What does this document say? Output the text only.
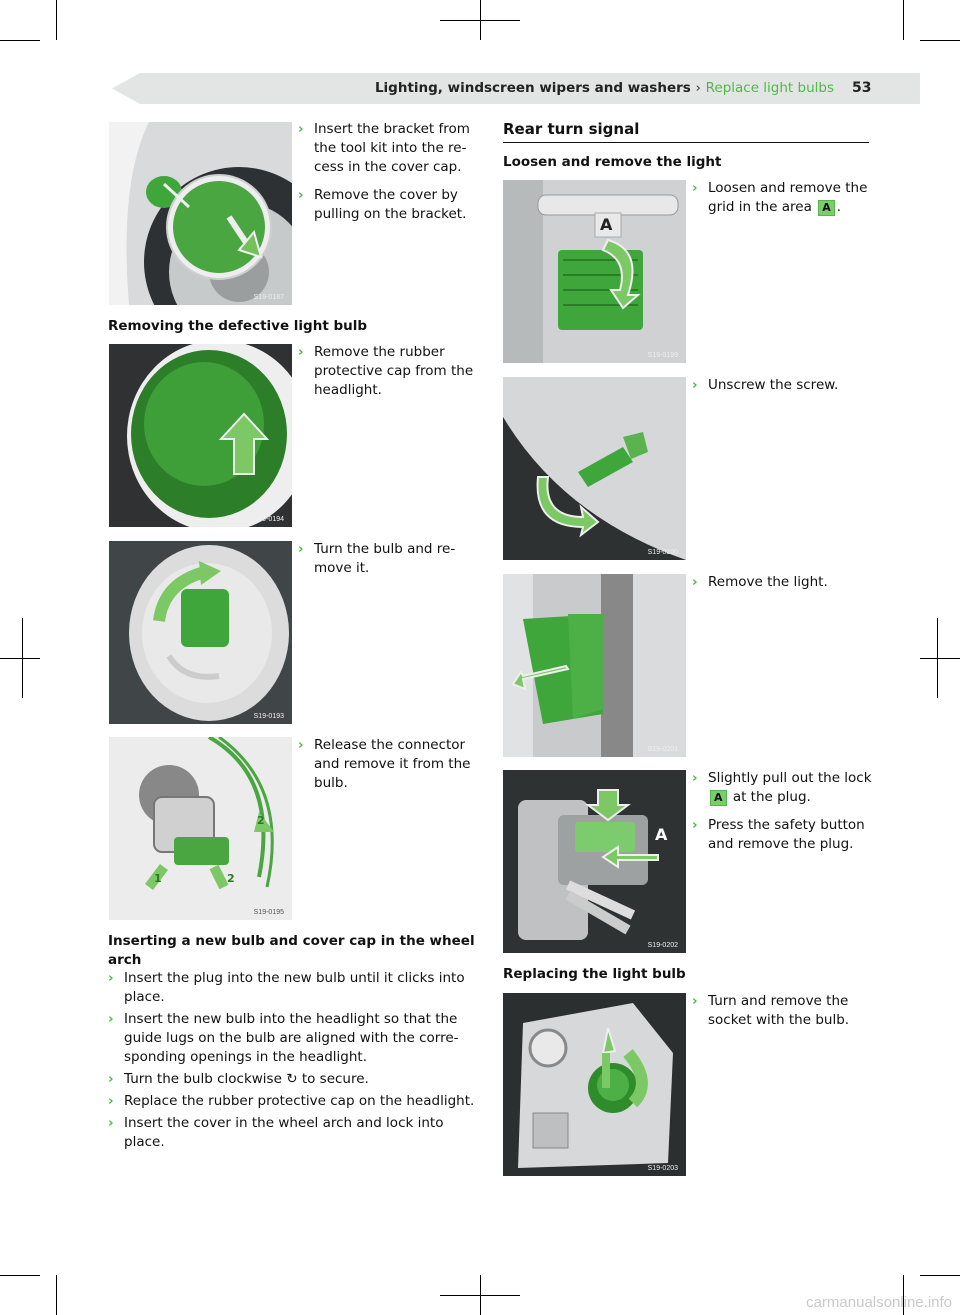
Lighting, windscreen wipers and washers › Replace light bulbs 53
S19-0187
› Insert the bracket from the tool kit into the re- cess in the cover cap.
› Remove the cover by pulling on the bracket.
Removing the defective light bulb
S19-0194
› Remove the rubber protective cap from the headlight.
S19-0193
› Turn the bulb and re- move it.
1	2
2
S19-0195
› Release the connector and remove it from the bulb.
Inserting a new bulb and cover cap in the wheel arch
› Insert the plug into the new bulb until it clicks into place.
› Insert the new bulb into the headlight so that the guide lugs on the bulb are aligned with the corre- sponding openings in the headlight.
› Turn the bulb clockwise ↻ to secure.
› Replace the rubber protective cap on the headlight.
› Insert the cover in the wheel arch and lock into place.
Rear turn signal
Loosen and remove the light
A
S19-0199
› Loosen and remove the grid in the area A .
S19-0200
› Unscrew the screw.
S19-0201
› Remove the light.
A
S19-0202
› Slightly pull out the lock A at the plug.
› Press the safety button and remove the plug.
Replacing the light bulb
S19-0203
› Turn and remove the socket with the bulb.
carmanualsonline.info
